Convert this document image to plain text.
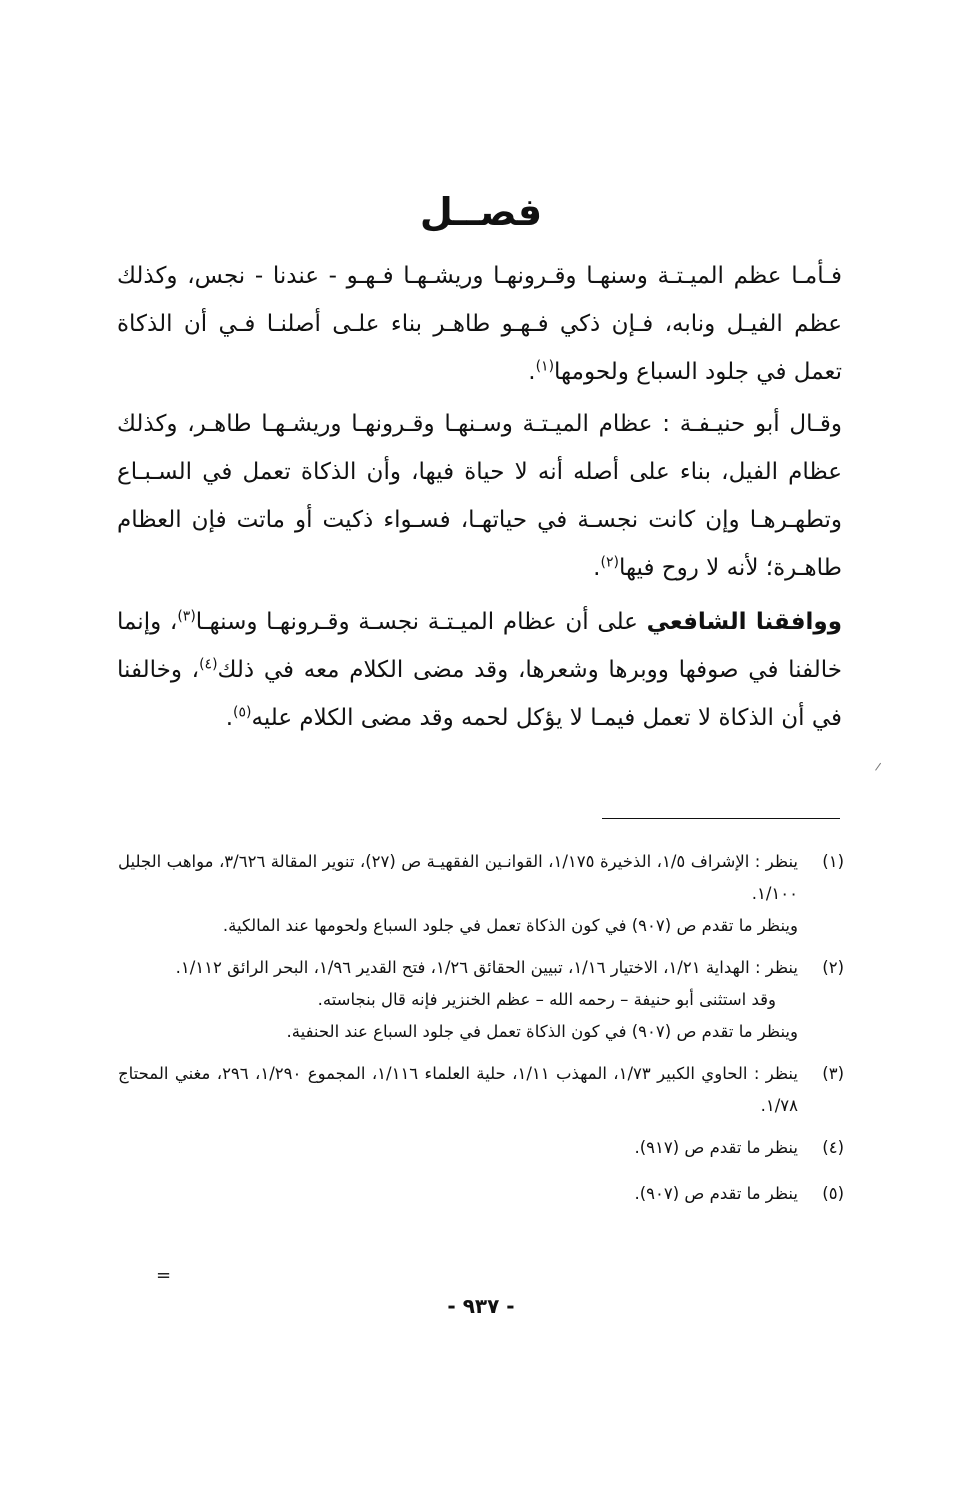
فصــل
فـأمـا عظم الميـتـة وسنهـا وقـرونهـا وريشـهـا فـهـو - عندنا - نجس، وكذلك عظم الفيـل ونابه، فـإن ذكي فـهـو طاهـر بناء علـى أصلنـا فـي أن الذكاة تعمل في جلود السباع ولحومها$^{(١)}$.
وقـال أبو حنيـفـة : عظام الميـتـة وسـنهـا وقـرونهـا وريشـهـا طاهـر، وكذلك عظام الفيل، بناء على أصله أنه لا حياة فيها، وأن الذكاة تعمل في السـبـاع وتطهـرهـا وإن كانت نجسـة في حياتهـا، فسـواء ذكيت أو ماتت فإن العظام طاهـرة؛ لأنه لا روح فيها$^{(٢)}$.
ووافقنا الشافعي على أن عظام الميـتـة نجسـة وقـرونهـا وسنهـا$^{(٣)}$، وإنما خالفنا في صوفها ووبرها وشعرها، وقد مضى الكلام معه في ذلك$^{(٤)}$، وخالفنا في أن الذكاة لا تعمل فيمـا لا يؤكل لحمه وقد مضى الكلام عليه$^{(٥)}$.
(١)
ينظر : الإشراف ١/٥، الذخيرة ١/١٧٥، القوانـين الفقهيـة ص (٢٧)، تنوير المقالة ٣/٦٢٦، مواهب الجليل ١/١٠٠.
وينظر ما تقدم ص (٩٠٧) في كون الذكاة تعمل في جلود السباع ولحومها عند المالكية.
(٢)
ينظر : الهداية ١/٢١، الاختيار ١/١٦، تبيين الحقائق ١/٢٦، فتح القدير ١/٩٦، البحر الرائق ١/١١٢.
وقد استثنى أبو حنيفة – رحمه الله – عظم الخنزير فإنه قال بنجاسته.
وينظر ما تقدم ص (٩٠٧) في كون الذكاة تعمل في جلود السباع عند الحنفية.
(٣)
ينظر : الحاوي الكبير ١/٧٣، المهذب ١/١١، حلية العلماء ١/١١٦، المجموع ١/٢٩٠، ٢٩٦، مغني المحتاج ١/٧٨.
(٤)
ينظر ما تقدم ص (٩١٧).
(٥)
ينظر ما تقدم ص (٩٠٧).
=
- ٩٣٧ -
